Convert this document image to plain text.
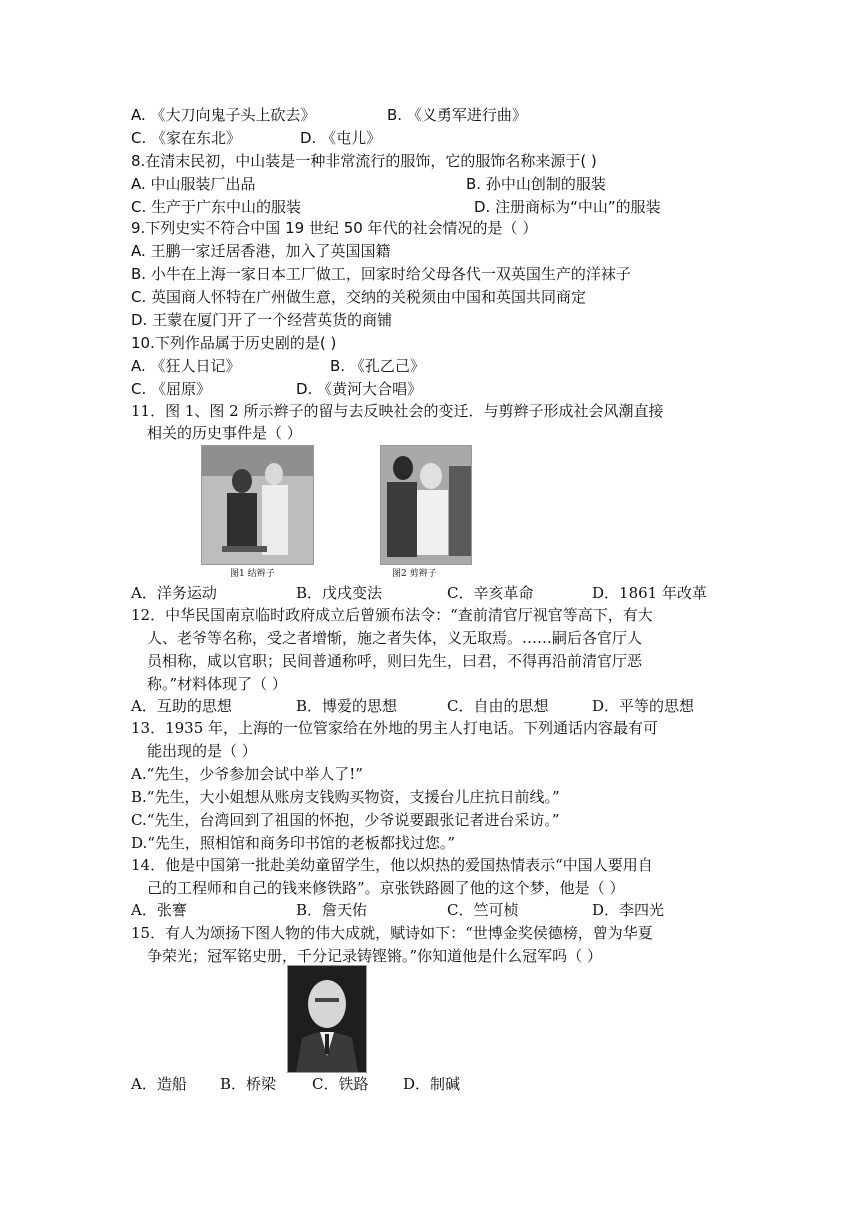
A. 《大刀向鬼子头上砍去》	B. 《义勇军进行曲》
C. 《家在东北》	D. 《屯儿》
8.在清末民初，中山装是一种非常流行的服饰，它的服饰名称来源于( )
A. 中山服装厂出品	B. 孙中山创制的服装
C. 生产于广东中山的服装	D. 注册商标为“中山”的服装
9.下列史实不符合中国 19 世纪 50 年代的社会情况的是（ ）
A. 王鹏一家迁居香港，加入了英国国籍
B. 小牛在上海一家日本工厂做工，回家时给父母各代一双英国生产的洋袜子
C. 英国商人怀特在广州做生意，交纳的关税须由中国和英国共同商定
D. 王蒙在厦门开了一个经营英货的商铺
10.下列作品属于历史剧的是( )
A. 《狂人日记》	B. 《孔乙己》
C. 《屈原》	D. 《黄河大合唱》
11．图 1、图 2 所示辫子的留与去反映社会的变迁．与剪辫子形成社会风潮直接
相关的历史事件是（ ）
图1 结辫子	图2 剪辫子
A．洋务运动	B．戊戌变法	C．辛亥革命	D．1861 年改革
12．中华民国南京临时政府成立后曾颁布法令：“查前清官厅视官等高下，有大
人、老爷等名称，受之者增惭，施之者失体，义无取焉。……嗣后各官厅人
员相称，咸以官职；民间普通称呼，则曰先生，曰君，不得再沿前清官厅恶
称。”材料体现了（ ）
A．互助的思想	B．博爱的思想	C．自由的思想	D．平等的思想
13．1935 年，上海的一位管家给在外地的男主人打电话。下列通话内容最有可
能出现的是（ ）
A.“先生，少爷参加会试中举人了!”
B.“先生，大小姐想从账房支钱购买物资，支援台儿庄抗日前线。”
C.“先生，台湾回到了祖国的怀抱，少爷说要跟张记者进台采访。”
D.“先生，照相馆和商务印书馆的老板都找过您。”
14．他是中国第一批赴美幼童留学生，他以炽热的爱国热情表示“中国人要用自
己的工程师和自己的钱来修铁路”。京张铁路圆了他的这个梦，他是（ ）
A．张謇	B．詹天佑	C．竺可桢	D．李四光
15．有人为颂扬下图人物的伟大成就，赋诗如下：“世博金奖侯德榜，曾为华夏
争荣光；冠军铭史册，千分记录铸铿锵。”你知道他是什么冠军吗（ ）
A．造船 B．桥梁 C．铁路 D．制碱
